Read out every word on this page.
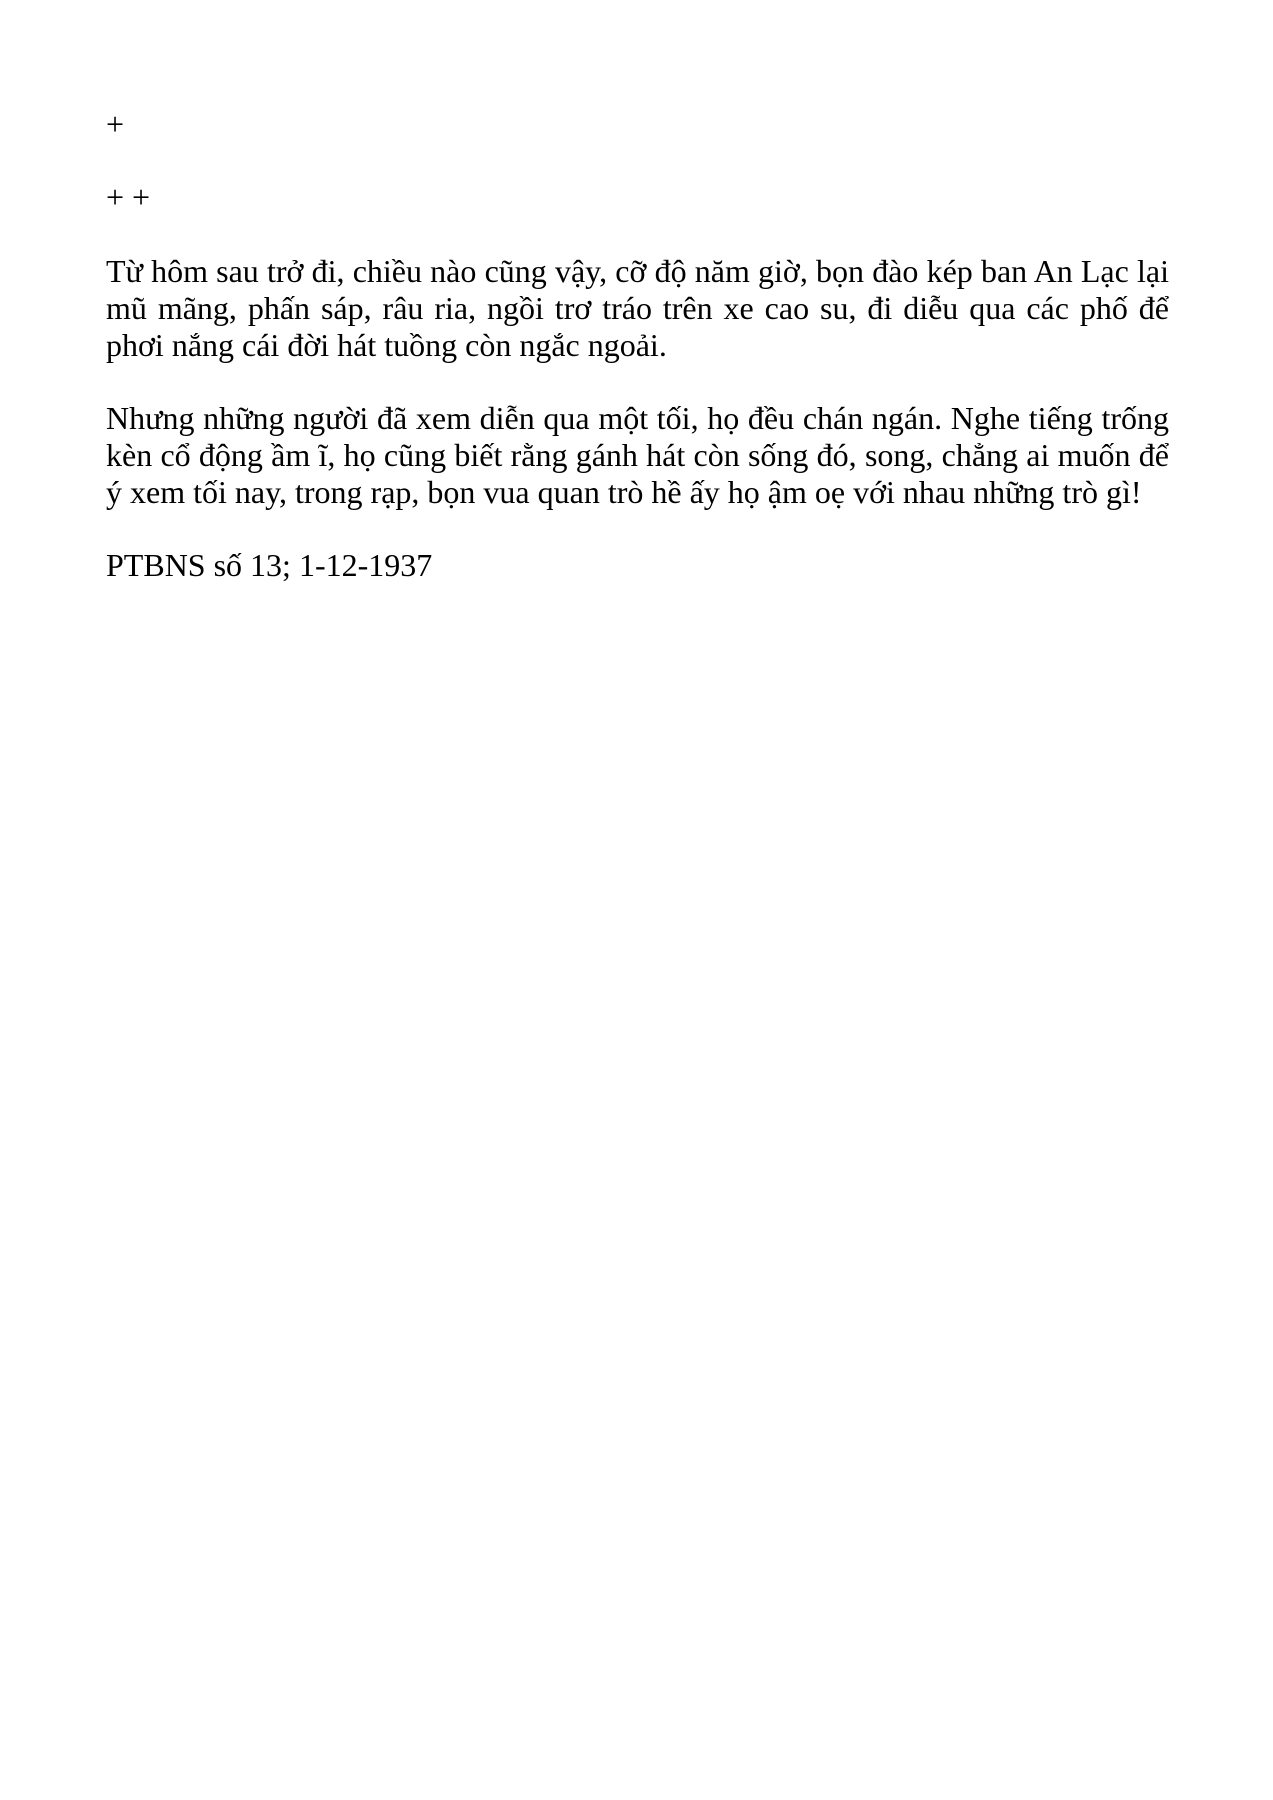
+

+ +

Từ hôm sau trở đi, chiều nào cũng vậy, cỡ độ năm giờ, bọn đào kép ban An Lạc lại mũ mãng, phấn sáp, râu ria, ngồi trơ tráo trên xe cao su, đi diễu qua các phố để phơi nắng cái đời hát tuồng còn ngắc ngoải.

Nhưng những người đã xem diễn qua một tối, họ đều chán ngán. Nghe tiếng trống kèn cổ động ầm ĩ, họ cũng biết rằng gánh hát còn sống đó, song, chẳng ai muốn để ý xem tối nay, trong rạp, bọn vua quan trò hề ấy họ ậm oẹ với nhau những trò gì!

PTBNS số 13; 1-12-1937
